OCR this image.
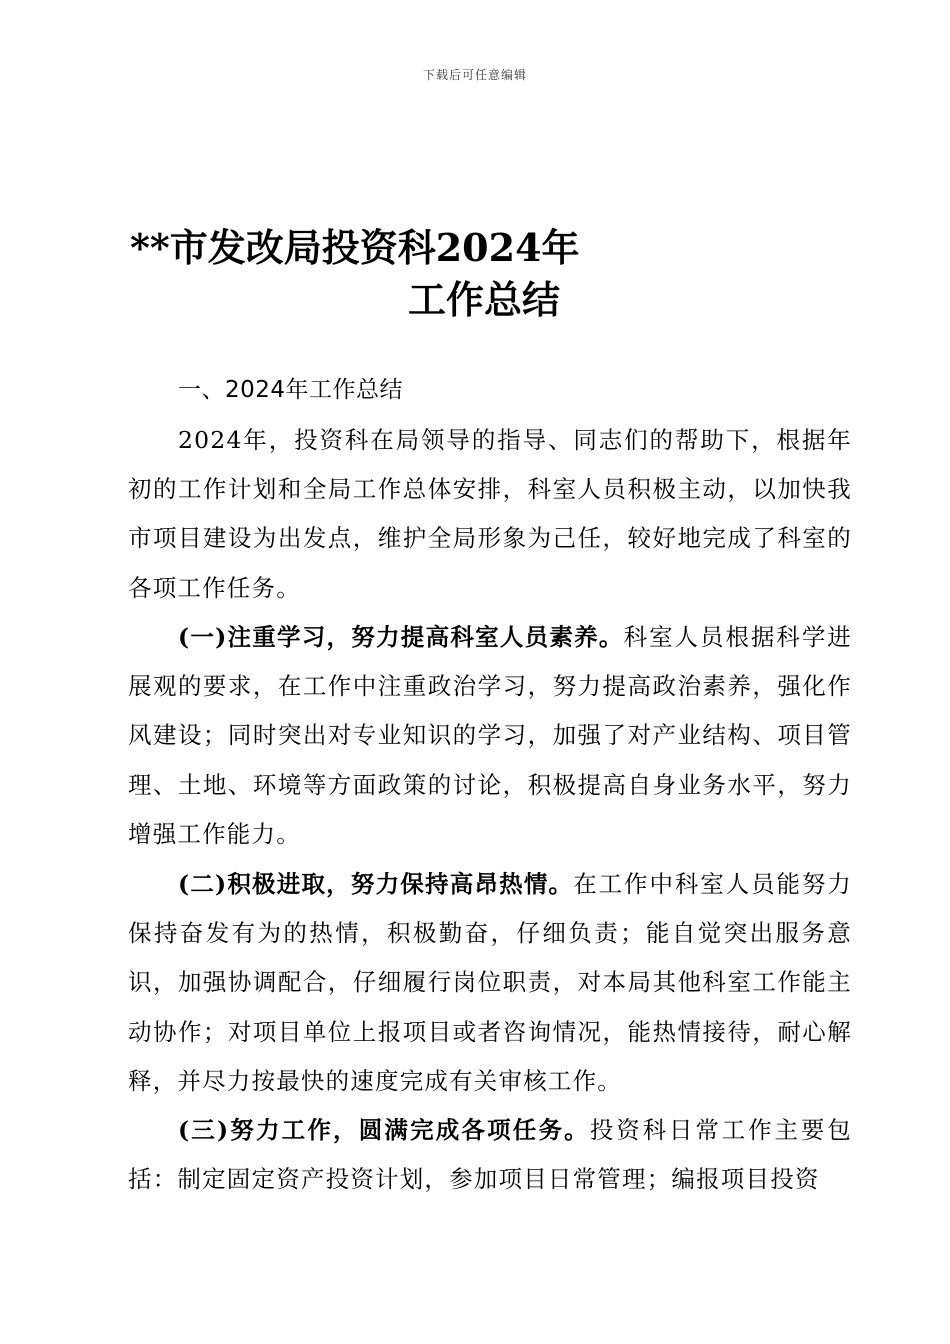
下载后可任意编辑
**市发改局投资科2024年
工作总结
一、2024年工作总结

2024年，投资科在局领导的指导、同志们的帮助下，根据年初的工作计划和全局工作总体安排，科室人员积极主动，以加快我市项目建设为出发点，维护全局形象为己任，较好地完成了科室的各项工作任务。

(一)注重学习，努力提高科室人员素养。科室人员根据科学进展观的要求，在工作中注重政治学习，努力提高政治素养，强化作风建设；同时突出对专业知识的学习，加强了对产业结构、项目管理、土地、环境等方面政策的讨论，积极提高自身业务水平，努力增强工作能力。

(二)积极进取，努力保持高昂热情。在工作中科室人员能努力保持奋发有为的热情，积极勤奋，仔细负责；能自觉突出服务意识，加强协调配合，仔细履行岗位职责，对本局其他科室工作能主动协作；对项目单位上报项目或者咨询情况，能热情接待，耐心解释，并尽力按最快的速度完成有关审核工作。

(三)努力工作，圆满完成各项任务。投资科日常工作主要包括：制定固定资产投资计划，参加项目日常管理；编报项目投资
